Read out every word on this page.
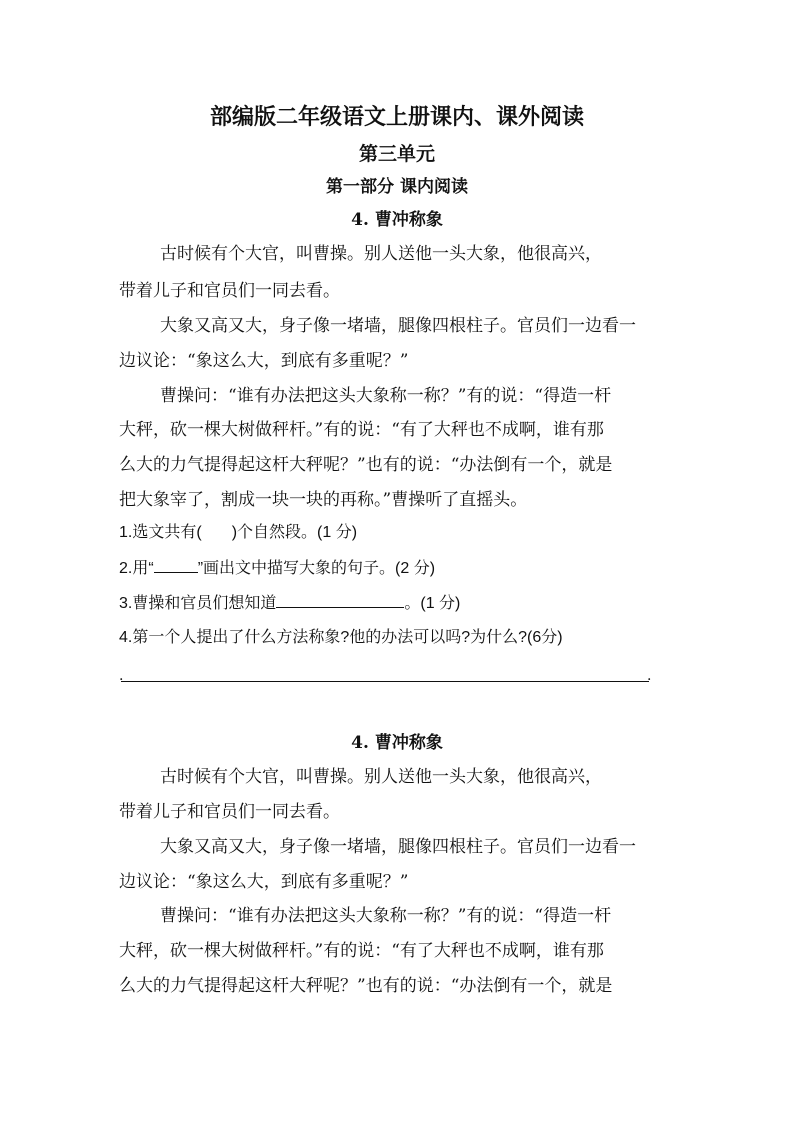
部编版二年级语文上册课内、课外阅读
第三单元
第一部分 课内阅读
4. 曹冲称象
古时候有个大官，叫曹操。别人送他一头大象，他很高兴，
带着儿子和官员们一同去看。
大象又高又大，身子像一堵墙，腿像四根柱子。官员们一边看一
边议论：“象这么大，到底有多重呢？”
曹操问：“谁有办法把这头大象称一称？”有的说：“得造一杆
大秤，砍一棵大树做秤杆。”有的说：“有了大秤也不成啊，谁有那
么大的力气提得起这杆大秤呢？”也有的说：“办法倒有一个，就是
把大象宰了，割成一块一块的再称。”曹操听了直摇头。
1.选文共有( )个自然段。(1 分)
2.用“	”画出文中描写大象的句子。(2 分)
3.曹操和官员们想知道	。(1 分)
4.第一个人提出了什么方法称象?他的办法可以吗?为什么?(6分)
.	.
4. 曹冲称象
古时候有个大官，叫曹操。别人送他一头大象，他很高兴，
带着儿子和官员们一同去看。
大象又高又大，身子像一堵墙，腿像四根柱子。官员们一边看一
边议论：“象这么大，到底有多重呢？”
曹操问：“谁有办法把这头大象称一称？”有的说：“得造一杆
大秤，砍一棵大树做秤杆。”有的说：“有了大秤也不成啊，谁有那
么大的力气提得起这杆大秤呢？”也有的说：“办法倒有一个，就是
